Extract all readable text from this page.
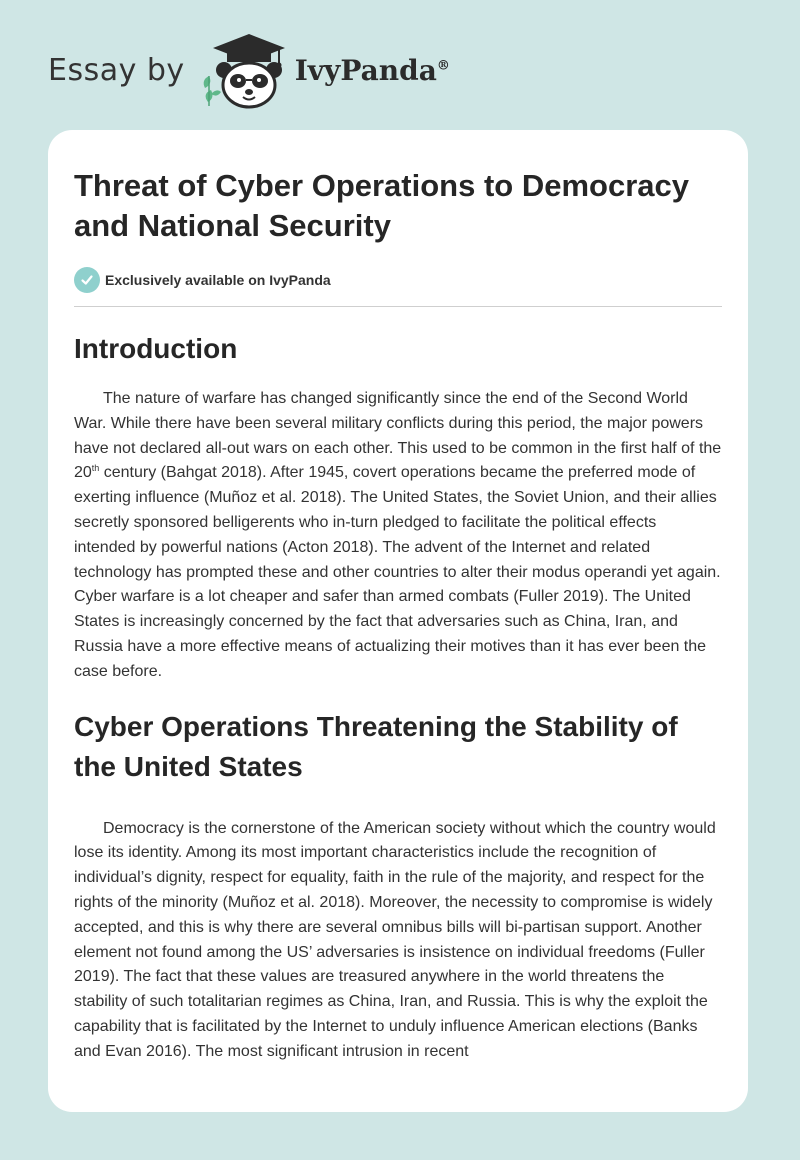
Essay by	IvyPanda®
Threat of Cyber Operations to Democracy and National Security
Exclusively available on IvyPanda
Introduction

The nature of warfare has changed significantly since the end of the Second World War. While there have been several military conflicts during this period, the major powers have not declared all-out wars on each other. This used to be common in the first half of the 20th century (Bahgat 2018). After 1945, covert operations became the preferred mode of exerting influence (Muñoz et al. 2018). The United States, the Soviet Union, and their allies secretly sponsored belligerents who in-turn pledged to facilitate the political effects intended by powerful nations (Acton 2018). The advent of the Internet and related technology has prompted these and other countries to alter their modus operandi yet again. Cyber warfare is a lot cheaper and safer than armed combats (Fuller 2019). The United States is increasingly concerned by the fact that adversaries such as China, Iran, and Russia have a more effective means of actualizing their motives than it has ever been the case before.

Cyber Operations Threatening the Stability of the United States

Democracy is the cornerstone of the American society without which the country would lose its identity. Among its most important characteristics include the recognition of individual’s dignity, respect for equality, faith in the rule of the majority, and respect for the rights of the minority (Muñoz et al. 2018). Moreover, the necessity to compromise is widely accepted, and this is why there are several omnibus bills will bi-partisan support. Another element not found among the US’ adversaries is insistence on individual freedoms (Fuller 2019). The fact that these values are treasured anywhere in the world threatens the stability of such totalitarian regimes as China, Iran, and Russia. This is why the exploit the capability that is facilitated by the Internet to unduly influence American elections (Banks and Evan 2016). The most significant intrusion in recent
